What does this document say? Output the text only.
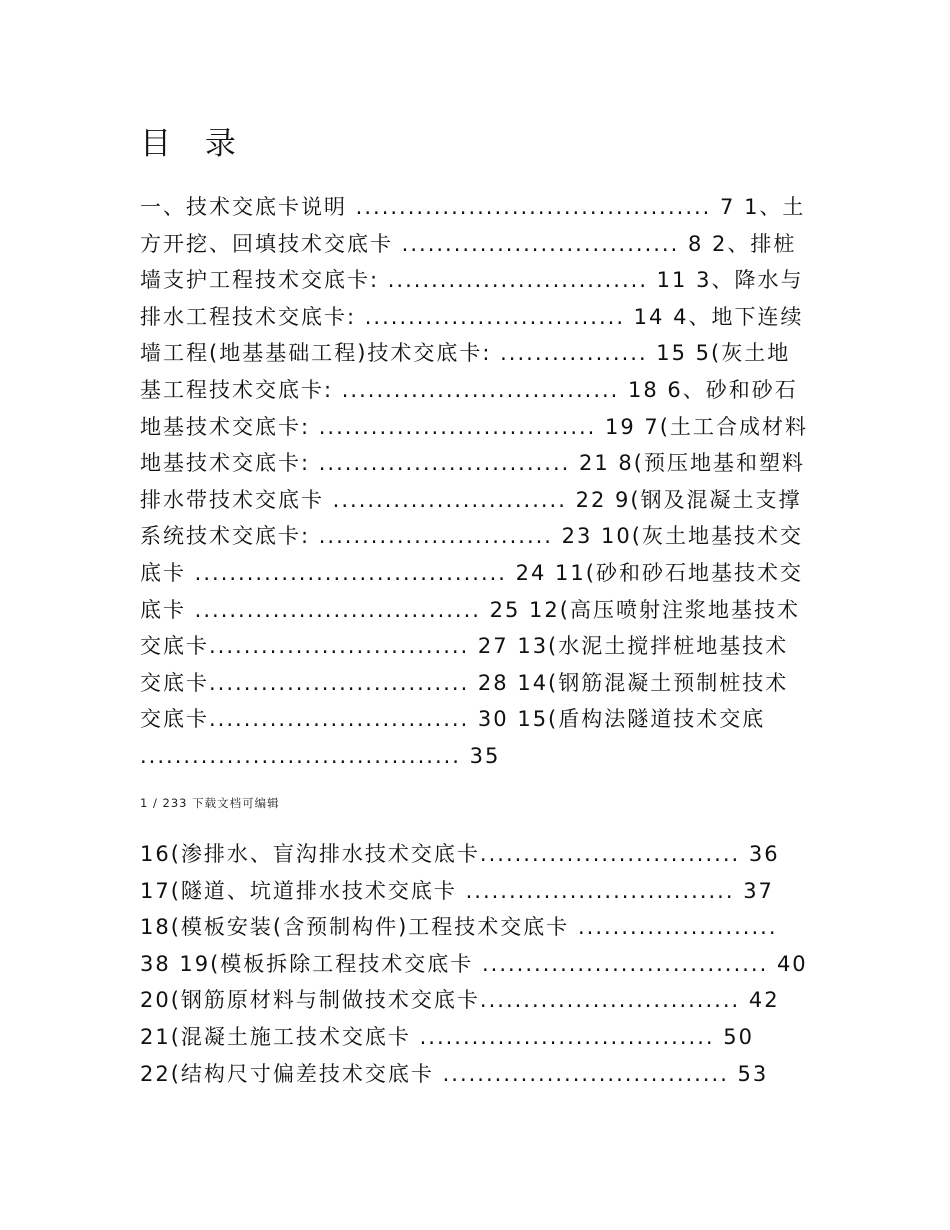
目 录
一、技术交底卡说明 ......................................... 7 1、土
方开挖、回填技术交底卡 ................................ 8 2、排桩
墙支护工程技术交底卡: .............................. 11 3、降水与
排水工程技术交底卡: .............................. 14 4、地下连续
墙工程(地基基础工程)技术交底卡: ................. 15 5(灰土地
基工程技术交底卡: ................................ 18 6、砂和砂石
地基技术交底卡: ................................ 19 7(土工合成材料
地基技术交底卡: ............................. 21 8(预压地基和塑料
排水带技术交底卡 ........................... 22 9(钢及混凝土支撑
系统技术交底卡: ........................... 23 10(灰土地基技术交
底卡 .................................... 24 11(砂和砂石地基技术交
底卡 ................................. 25 12(高压喷射注浆地基技术
交底卡.............................. 27 13(水泥土搅拌桩地基技术
交底卡.............................. 28 14(钢筋混凝土预制桩技术
交底卡.............................. 30 15(盾构法隧道技术交底
..................................... 35
1 / 233 下载文档可编辑
16(渗排水、盲沟排水技术交底卡.............................. 36
17(隧道、坑道排水技术交底卡 ............................... 37
18(模板安装(含预制构件)工程技术交底卡 .......................
38 19(模板拆除工程技术交底卡 ................................. 40
20(钢筋原材料与制做技术交底卡.............................. 42
21(混凝土施工技术交底卡 .................................. 50
22(结构尺寸偏差技术交底卡 ................................. 53
